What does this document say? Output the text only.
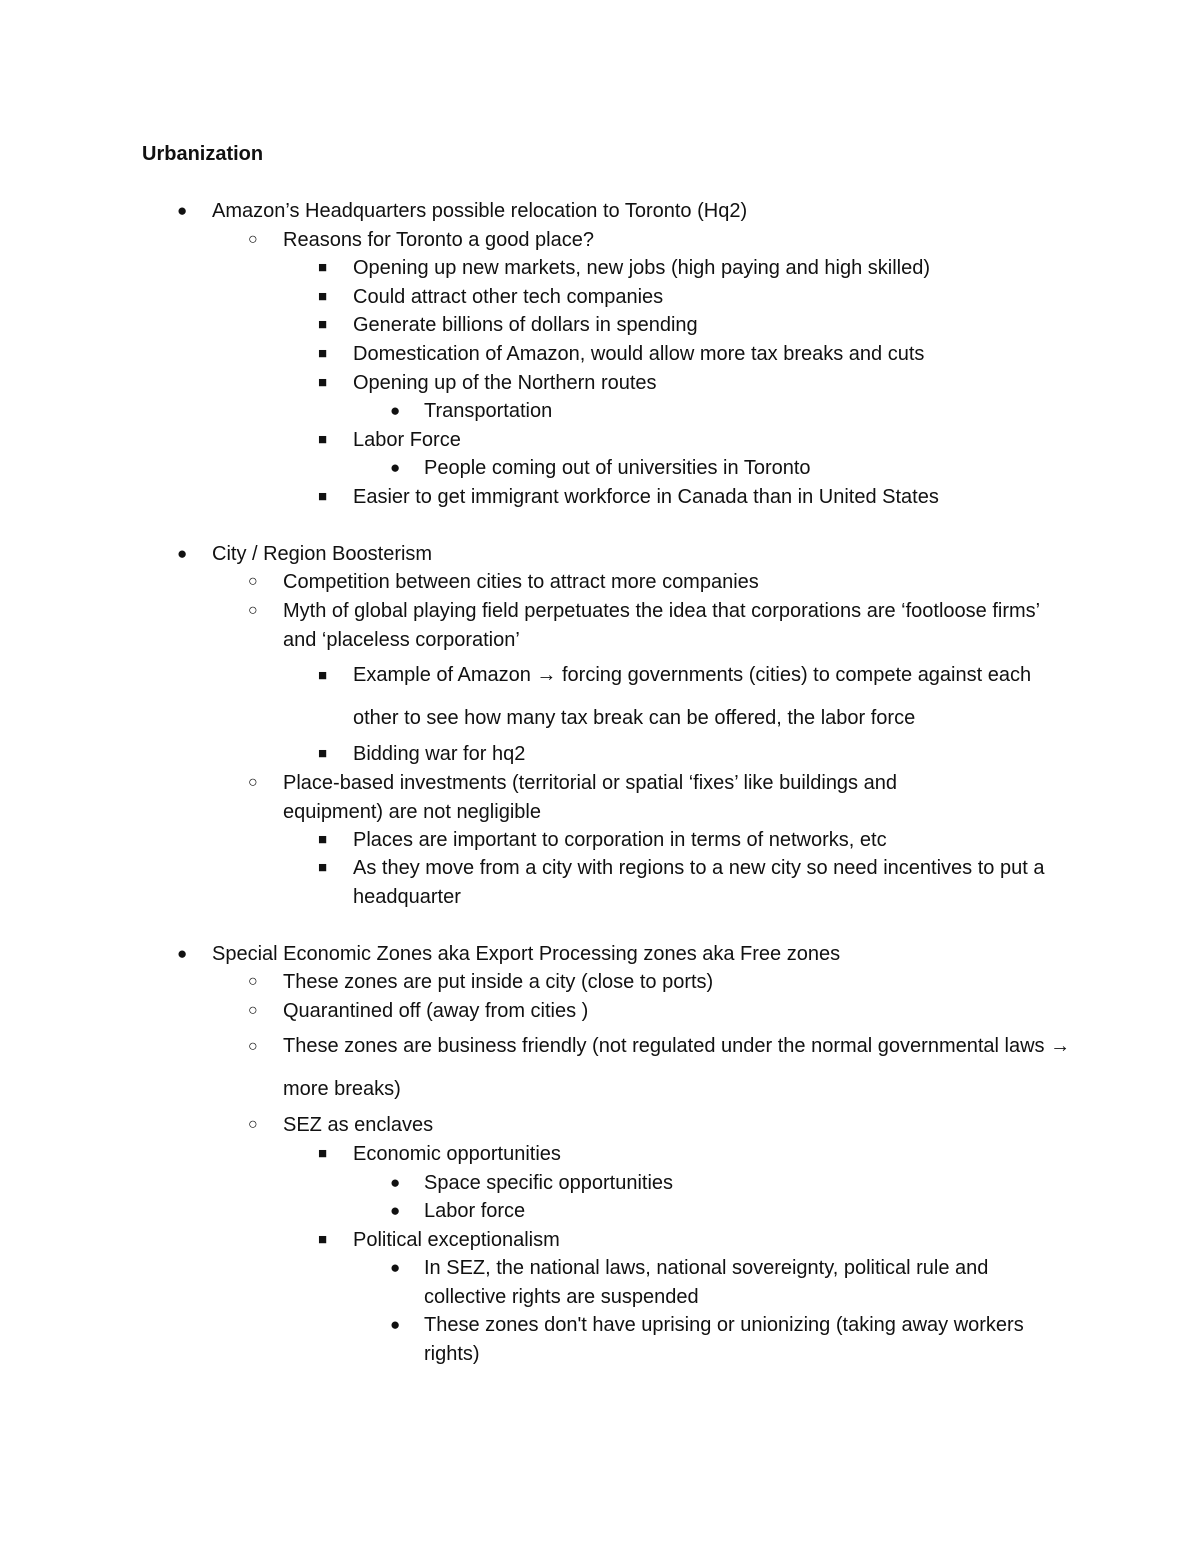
Urbanization
● Amazon’s Headquarters possible relocation to Toronto (Hq2)
○ Reasons for Toronto a good place?
■ Opening up new markets, new jobs (high paying and high skilled)
■ Could attract other tech companies
■ Generate billions of dollars in spending
■ Domestication of Amazon, would allow more tax breaks and cuts
■ Opening up of the Northern routes
● Transportation
■ Labor Force
● People coming out of universities in Toronto
■ Easier to get immigrant workforce in Canada than in United States
● City / Region Boosterism
○ Competition between cities to attract more companies
○ Myth of global playing field perpetuates the idea that corporations are ‘footloose firms’ and ‘placeless corporation’
■ Example of Amazon → forcing governments (cities) to compete against each other to see how many tax break can be offered, the labor force
■ Bidding war for hq2
○ Place-based investments (territorial or spatial ‘fixes’ like buildings and equipment) are not negligible
■ Places are important to corporation in terms of networks, etc
■ As they move from a city with regions to a new city so need incentives to put a headquarter
● Special Economic Zones aka Export Processing zones aka Free zones
○ These zones are put inside a city (close to ports)
○ Quarantined off (away from cities )
○ These zones are business friendly (not regulated under the normal governmental laws → more breaks)
○ SEZ as enclaves
■ Economic opportunities
● Space specific opportunities
● Labor force
■ Political exceptionalism
● In SEZ, the national laws, national sovereignty, political rule and collective rights are suspended
● These zones don't have uprising or unionizing (taking away workers rights)
